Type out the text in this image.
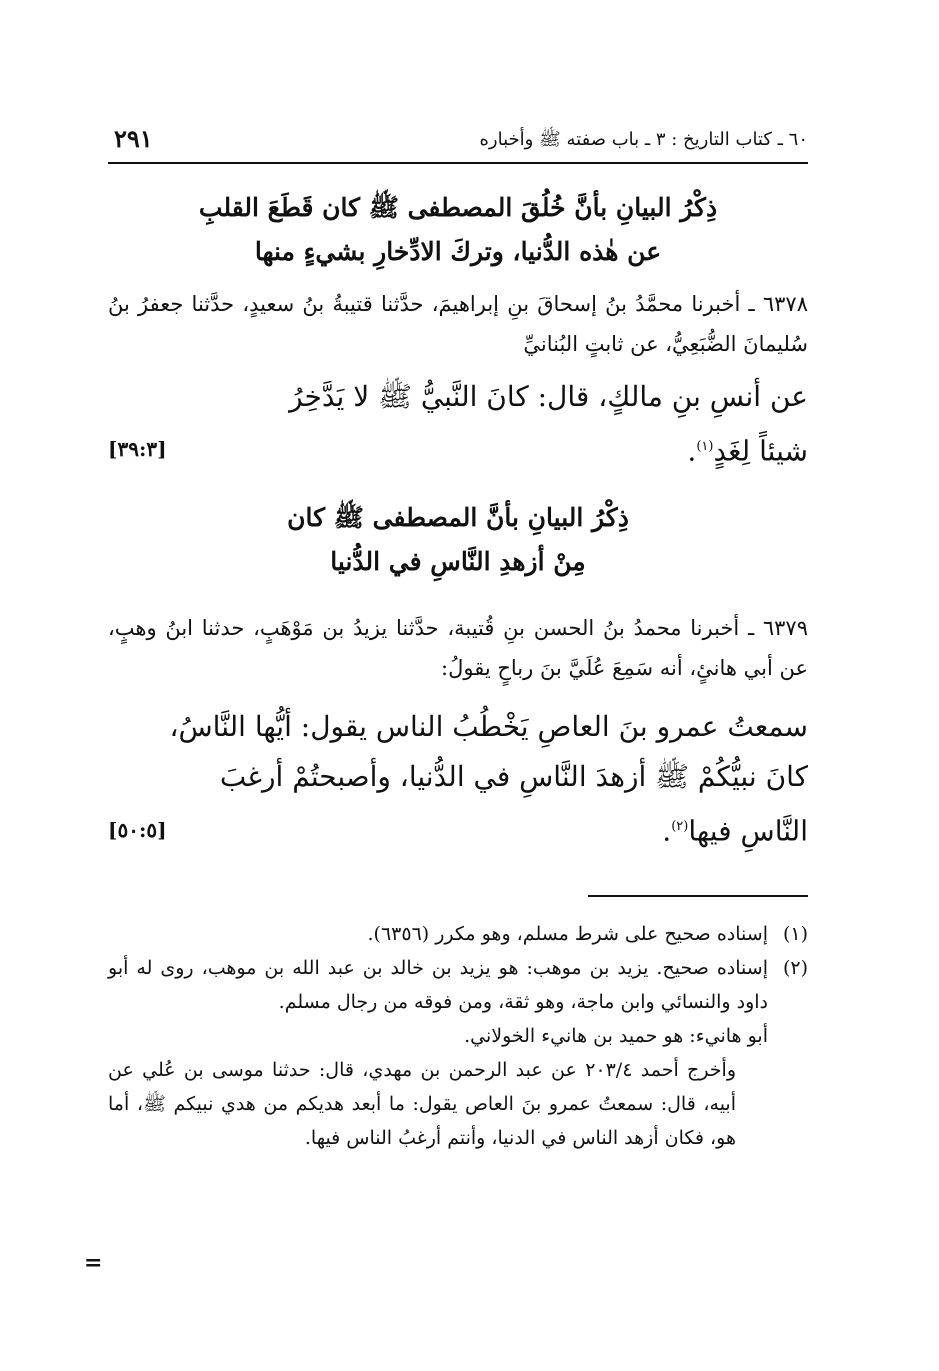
٦٠ ـ كتاب التاريخ : ٣ ـ باب صفته ﷺ وأخباره
٢٩١
ذِكْرُ البيانِ بأنَّ خُلُقَ المصطفى ﷺ كان قَطَعَ القلبِ
عن هٰذه الدُّنيا، وتركَ الادِّخارِ بشيءٍ منها
٦٣٧٨ ـ أخبرنا محمَّدُ بنُ إسحاقَ بنِ إبراهيمَ، حدَّثنا قتيبةُ بنُ سعيدٍ، حدَّثنا جعفرُ بنُ سُليمانَ الضُّبَعِيُّ، عن ثابتٍ البُنانيِّ
عن أنسِ بنِ مالكٍ، قال: كانَ النَّبيُّ ﷺ لا يَدَّخِرُ
شيئاً لِغَدٍ$^{(١)}$.
[٣٩:٣]
ذِكْرُ البيانِ بأنَّ المصطفى ﷺ كان
مِنْ أزهدِ النَّاسِ في الدُّنيا
٦٣٧٩ ـ أخبرنا محمدُ بنُ الحسن بنِ قُتيبة، حدَّثنا يزيدُ بن مَوْهَبٍ، حدثنا ابنُ وهبٍ، عن أبي هانئٍ، أنه سَمِعَ عُلَيَّ بنَ رباحٍ يقولُ:
سمعتُ عمرو بنَ العاصِ يَخْطُبُ الناس يقول: أيُّها النَّاسُ،
كانَ نبيُّكُمْ ﷺ أزهدَ النَّاسِ في الدُّنيا، وأصبحتُمْ أرغبَ
النَّاسِ فيها$^{(٢)}$.
[٥٠:٥]
(١)

إسناده صحيح على شرط مسلم، وهو مكرر (٦٣٥٦).

(٢)

إسناده صحيح. يزيد بن موهب: هو يزيد بن خالد بن عبد الله بن موهب، روى له أبو داود والنسائي وابن ماجة، وهو ثقة، ومن فوقه من رجال مسلم.

أبو هانيء: هو حميد بن هانيء الخولاني.

وأخرج أحمد ٢٠٣/٤ عن عبد الرحمن بن مهدي، قال: حدثنا موسى بن عُلي عن أبيه، قال: سمعتُ عمرو بنَ العاص يقول: ما أبعد هديكم من هدي نبيكم ﷺ، أما هو، فكان أزهد الناس في الدنيا، وأنتم أرغبُ الناس فيها.

=
